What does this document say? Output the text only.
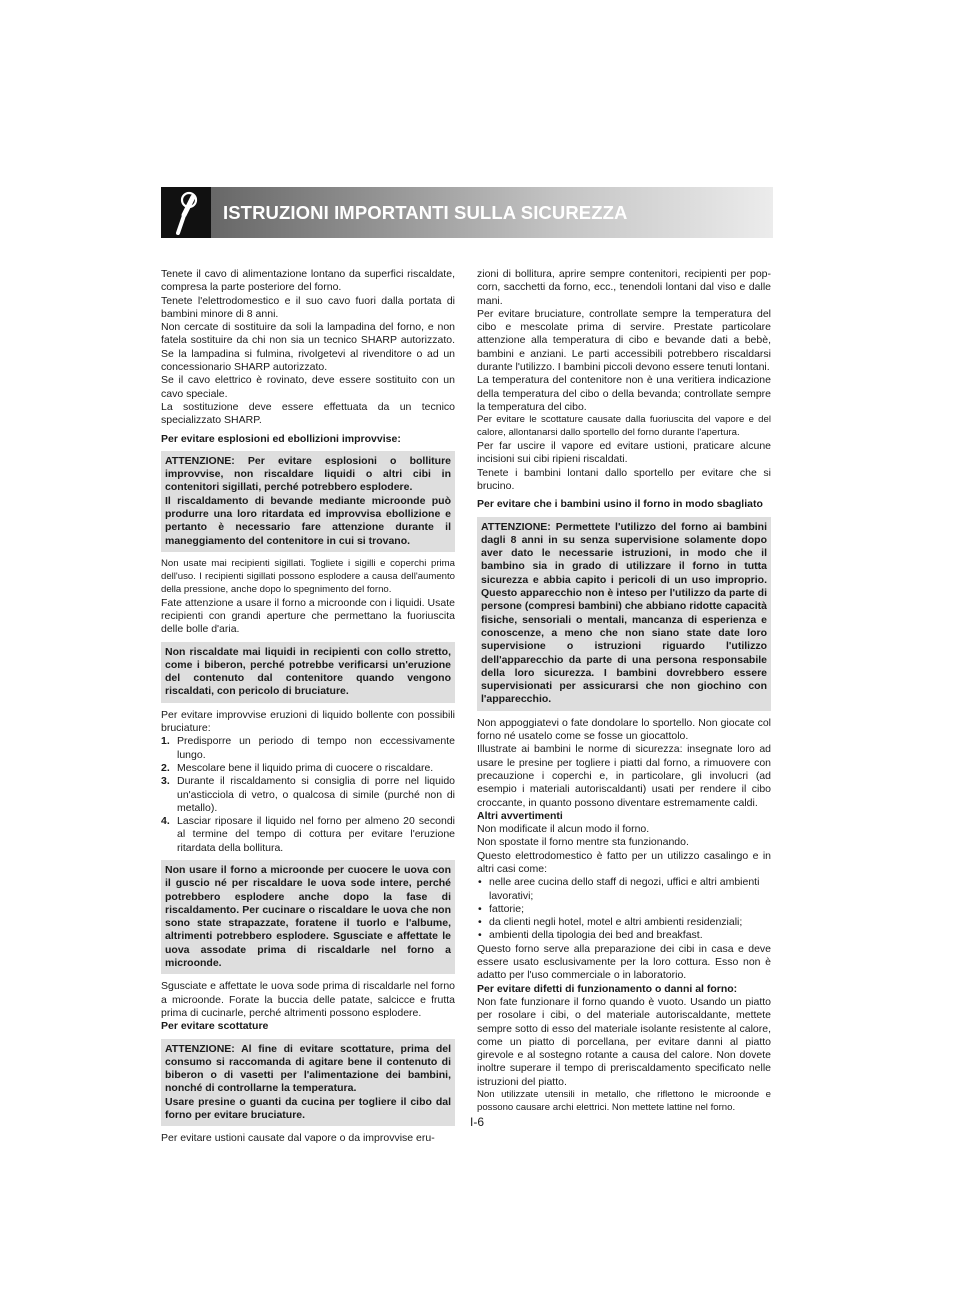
ISTRUZIONI IMPORTANTI SULLA SICUREZZA

Tenete il cavo di alimentazione lontano da superfici riscaldate, compresa la parte posteriore del forno.

Tenete l'elettrodomestico e il suo cavo fuori dalla portata di bambini minore di 8 anni.

Non cercate di sostituire da soli la lampadina del forno, e non fatela sostituire da chi non sia un tecnico SHARP autorizzato. Se la lampadina si fulmina, rivolgetevi al rivenditore o ad un concessionario SHARP autorizzato.

Se il cavo elettrico è rovinato, deve essere sostituito con un cavo speciale.

La sostituzione deve essere effettuata da un tecnico specializzato SHARP.

Per evitare esplosioni ed ebollizioni improvvise:

ATTENZIONE: Per evitare esplosioni o bolliture improvvise, non riscaldare liquidi o altri cibi in contenitori sigillati, perché potrebbero esplodere.

Il riscaldamento di bevande mediante microonde può produrre una loro ritardata ed improvvisa ebollizione e pertanto è necessario fare attenzione durante il maneggiamento del contenitore in cui si trovano.

Non usate mai recipienti sigillati. Togliete i sigilli e coperchi prima dell'uso. I recipienti sigillati possono esplodere a causa dell'aumento della pressione, anche dopo lo spegnimento del forno.

Fate attenzione a usare il forno a microonde con i liquidi. Usate recipienti con grandi aperture che permettano la fuoriuscita delle bolle d'aria.

Non riscaldate mai liquidi in recipienti con collo stretto, come i biberon, perché potrebbe verificarsi un'eruzione del contenuto dal contenitore quando vengono riscaldati, con pericolo di bruciature.

Per evitare improvvise eruzioni di liquido bollente con possibili bruciature:

1. Predisporre un periodo di tempo non eccessivamente lungo.
2. Mescolare bene il liquido prima di cuocere o riscaldare.
3. Durante il riscaldamento si consiglia di porre nel liquido un'asticciola di vetro, o qualcosa di simile (purché non di metallo).
4. Lasciar riposare il liquido nel forno per almeno 20 secondi al termine del tempo di cottura per evitare l'eruzione ritardata della bollitura.

Non usare il forno a microonde per cuocere le uova con il guscio né per riscaldare le uova sode intere, perché potrebbero esplodere anche dopo la fase di riscaldamento. Per cucinare o riscaldare le uova che non sono state strapazzate, foratene il tuorlo e l'albume, altrimenti potrebbero esplodere. Sgusciate e affettate le uova assodate prima di riscaldarle nel forno a microonde.

Sgusciate e affettate le uova sode prima di riscaldarle nel forno a microonde. Forate la buccia delle patate, salcicce e frutta prima di cucinarle, perché altrimenti possono esplodere.

Per evitare scottature

ATTENZIONE: Al fine di evitare scottature, prima del consumo si raccomanda di agitare bene il contenuto di biberon o di vasetti per l'alimentazione dei bambini, nonché di controllarne la temperatura.

Usare presine o guanti da cucina per togliere il cibo dal forno per evitare bruciature.

Per evitare ustioni causate dal vapore o da improvvise eru-

zioni di bollitura, aprire sempre contenitori, recipienti per pop-corn, sacchetti da forno, ecc., tenendoli lontani dal viso e dalle mani.

Per evitare bruciature, controllate sempre la temperatura del cibo e mescolate prima di servire. Prestate particolare attenzione alla temperatura di cibo e bevande dati a bebè, bambini e anziani. Le parti accessibili potrebbero riscaldarsi durante l'utilizzo. I bambini piccoli devono essere tenuti lontani.

La temperatura del contenitore non è una veritiera indicazione della temperatura del cibo o della bevanda; controllate sempre la temperatura del cibo.

Per evitare le scottature causate dalla fuoriuscita del vapore e del calore, allontanarsi dallo sportello del forno durante l'apertura.

Per far uscire il vapore ed evitare ustioni, praticare alcune incisioni sui cibi ripieni riscaldati.

Tenete i bambini lontani dallo sportello per evitare che si brucino.

Per evitare che i bambini usino il forno in modo sbagliato

ATTENZIONE: Permettete l'utilizzo del forno ai bambini dagli 8 anni in su senza supervisione solamente dopo aver dato le necessarie istruzioni, in modo che il bambino sia in grado di utilizzare il forno in tutta sicurezza e abbia capito i pericoli di un uso improprio. Questo apparecchio non è inteso per l'utilizzo da parte di persone (compresi bambini) che abbiano ridotte capacità fisiche, sensoriali o mentali, mancanza di esperienza e conoscenze, a meno che non siano state date loro supervisione o istruzioni riguardo l'utilizzo dell'apparecchio da parte di una persona responsabile della loro sicurezza. I bambini dovrebbero essere supervisionati per assicurarsi che non giochino con l'apparecchio.

Non appoggiatevi o fate dondolare lo sportello. Non giocate col forno né usatelo come se fosse un giocattolo.

Illustrate ai bambini le norme di sicurezza: insegnate loro ad usare le presine per togliere i piatti dal forno, a rimuovere con precauzione i coperchi e, in particolare, gli involucri (ad esempio i materiali autoriscaldanti) usati per rendere il cibo croccante, in quanto possono diventare estremamente caldi.

Altri avvertimenti

Non modificate il alcun modo il forno.

Non spostate il forno mentre sta funzionando.

Questo elettrodomestico è fatto per un utilizzo casalingo e in altri casi come:

• nelle aree cucina dello staff di negozi, uffici e altri ambienti lavorativi;
• fattorie;
• da clienti negli hotel, motel e altri ambienti residenziali;
• ambienti della tipologia dei bed and breakfast.

Questo forno serve alla preparazione dei cibi in casa e deve essere usato esclusivamente per la loro cottura. Esso non è adatto per l'uso commerciale o in laboratorio.

Per evitare difetti di funzionamento o danni al forno:

Non fate funzionare il forno quando è vuoto. Usando un piatto per rosolare i cibi, o del materiale autoriscaldante, mettete sempre sotto di esso del materiale isolante resistente al calore, come un piatto di porcellana, per evitare danni al piatto girevole e al sostegno rotante a causa del calore. Non dovete inoltre superare il tempo di preriscaldamento specificato nelle istruzioni del piatto.

Non utilizzate utensili in metallo, che riflettono le microonde e possono causare archi elettrici. Non mettete lattine nel forno.

I-6
